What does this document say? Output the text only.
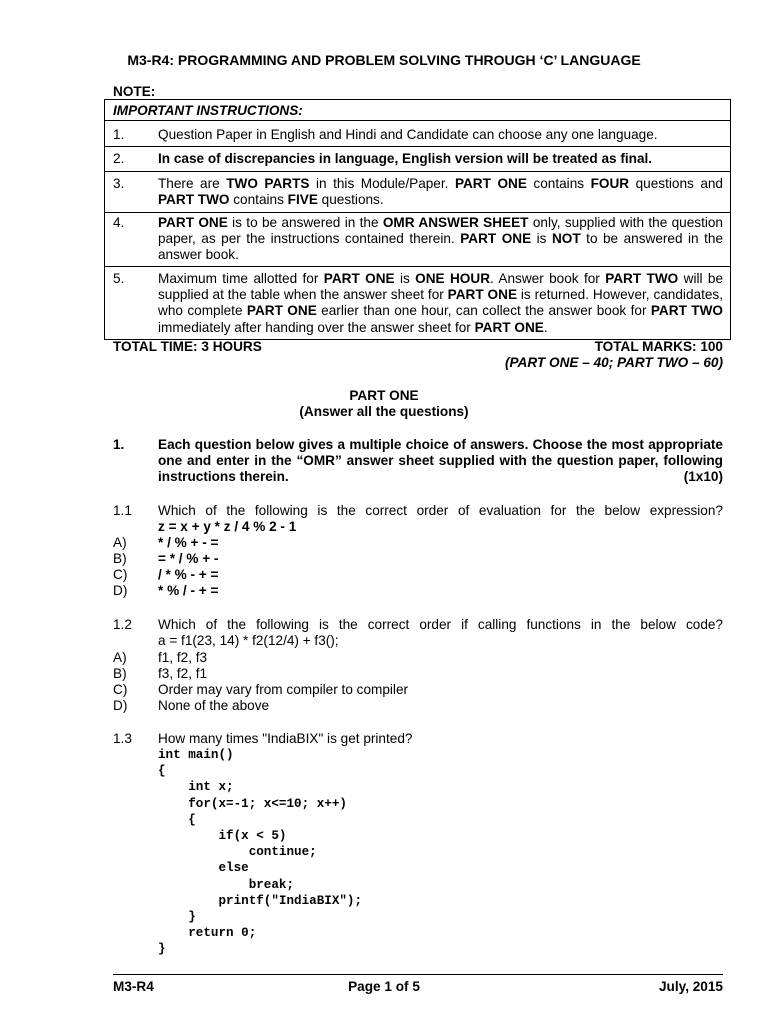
M3-R4: PROGRAMMING AND PROBLEM SOLVING THROUGH ‘C’ LANGUAGE
NOTE:
IMPORTANT INSTRUCTIONS:
1. Question Paper in English and Hindi and Candidate can choose any one language.
2. In case of discrepancies in language, English version will be treated as final.
3. There are TWO PARTS in this Module/Paper. PART ONE contains FOUR questions and PART TWO contains FIVE questions.
4. PART ONE is to be answered in the OMR ANSWER SHEET only, supplied with the question paper, as per the instructions contained therein. PART ONE is NOT to be answered in the answer book.
5. Maximum time allotted for PART ONE is ONE HOUR. Answer book for PART TWO will be supplied at the table when the answer sheet for PART ONE is returned. However, candidates, who complete PART ONE earlier than one hour, can collect the answer book for PART TWO immediately after handing over the answer sheet for PART ONE.
TOTAL TIME: 3 HOURS	TOTAL MARKS: 100
(PART ONE – 40; PART TWO – 60)
PART ONE
(Answer all the questions)
1. Each question below gives a multiple choice of answers. Choose the most appropriate one and enter in the “OMR” answer sheet supplied with the question paper, following instructions therein.	(1x10)
1.1 Which of the following is the correct order of evaluation for the below expression?
z = x + y * z / 4 % 2 - 1
A) * / % + - =
B) = * / % + -
C) / * % - + =
D) * % / - + =
1.2 Which of the following is the correct order if calling functions in the below code?
a = f1(23, 14) * f2(12/4) + f3();
A) f1, f2, f3
B) f3, f2, f1
C) Order may vary from compiler to compiler
D) None of the above
1.3 How many times "IndiaBIX" is get printed?
int main()
{
int x;
for(x=-1; x<=10; x++)
{
if(x < 5)
continue;
else
break;
printf("IndiaBIX");
}
return 0;
}
M3-R4	Page 1 of 5	July, 2015
